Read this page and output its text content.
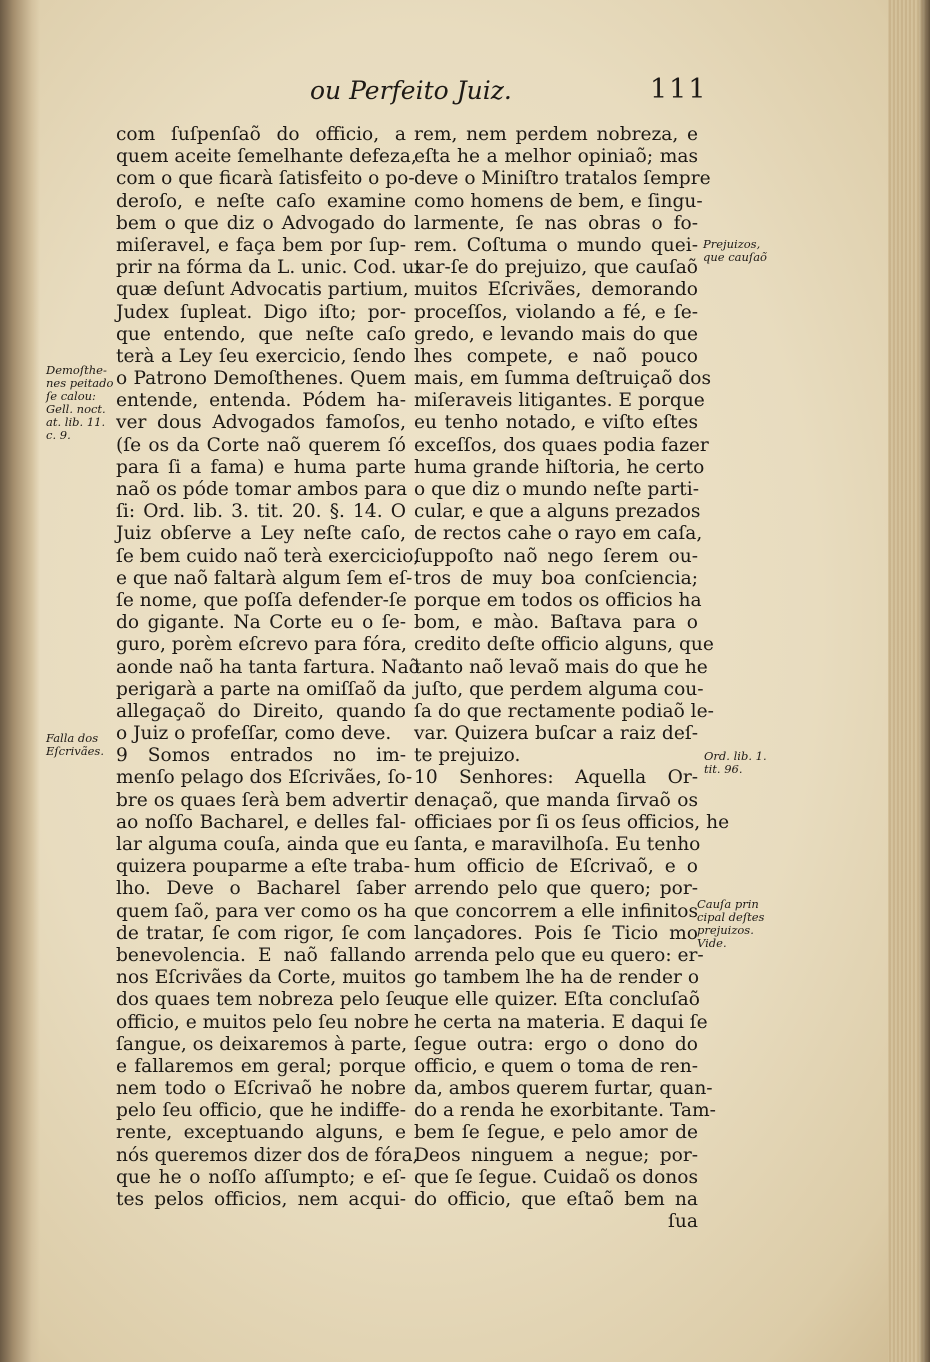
ou Perfeito Juiz.	111
com ſuſpenſaõ do officio, a
quem aceite ſemelhante defeza,
com o que ficarà ſatisfeito o po-
deroſo, e neſte caſo examine
bem o que diz o Advogado do
miſeravel, e faça bem por ſup-
prir na fórma da L. unic. Cod. ut
quæ deſunt Advocatis partium,
Judex ſupleat. Digo iſto; por-
que entendo, que neſte caſo
terà a Ley ſeu exercicio, ſendo
o Patrono Demoſthenes. Quem
entende, entenda. Pódem ha-
ver dous Advogados famoſos,
(ſe os da Corte naõ querem ſó
para ſi a fama) e huma parte
naõ os póde tomar ambos para
ſi: Ord. lib. 3. tit. 20. §. 14. O
Juiz obſerve a Ley neſte caſo,
ſe bem cuido naõ terà exercicio,
e que naõ faltarà algum ſem eſ-
ſe nome, que poſſa defender-ſe
do gigante. Na Corte eu o ſe-
guro, porèm eſcrevo para fóra,
aonde naõ ha tanta fartura. Naõ
perigarà a parte na omiſſaõ da
allegaçaõ do Direito, quando
o Juiz o profeſſar, como deve.
9 Somos entrados no im-
menſo pelago dos Eſcrivães, ſo-
bre os quaes ſerà bem advertir
ao noſſo Bacharel, e delles fal-
lar alguma couſa, ainda que eu
quizera pouparme a eſte traba-
lho. Deve o Bacharel ſaber
quem ſaõ, para ver como os ha
de tratar, ſe com rigor, ſe com
benevolencia. E naõ fallando
nos Eſcrivães da Corte, muitos
dos quaes tem nobreza pelo ſeu
officio, e muitos pelo ſeu nobre
ſangue, os deixaremos à parte,
e fallaremos em geral; porque
nem todo o Eſcrivaõ he nobre
pelo ſeu officio, que he indiffe-
rente, exceptuando alguns, e
nós queremos dizer dos de fóra,
que he o noſſo aſſumpto; e eſ-
tes pelos officios, nem acqui-
rem, nem perdem nobreza, e
eſta he a melhor opiniaõ; mas
deve o Miniſtro tratalos ſempre
como homens de bem, e ſingu-
larmente, ſe nas obras o fo-
rem. Coſtuma o mundo quei-
xar-ſe do prejuizo, que cauſaõ
muitos Eſcrivães, demorando
proceſſos, violando a fé, e ſe-
gredo, e levando mais do que
lhes compete, e naõ pouco
mais, em ſumma deſtruiçaõ dos
miſeraveis litigantes. E porque
eu tenho notado, e viſto eſtes
exceſſos, dos quaes podia fazer
huma grande hiſtoria, he certo
o que diz o mundo neſte parti-
cular, e que a alguns prezados
de rectos cahe o rayo em caſa,
ſuppoſto naõ nego ſerem ou-
tros de muy boa conſciencia;
porque em todos os officios ha
bom, e mào. Baſtava para o
credito deſte officio alguns, que
tanto naõ levaõ mais do que he
juſto, que perdem alguma cou-
ſa do que rectamente podiaõ le-
var. Quizera buſcar a raiz deſ-
te prejuizo.
10 Senhores: Aquella Or-
denaçaõ, que manda ſirvaõ os
officiaes por ſi os ſeus officios, he
ſanta, e maravilhoſa. Eu tenho
hum officio de Eſcrivaõ, e o
arrendo pelo que quero; por-
que concorrem a elle infinitos
lançadores. Pois ſe Ticio mo
arrenda pelo que eu quero: er-
go tambem lhe ha de render o
que elle quizer. Eſta concluſaõ
he certa na materia. E daqui ſe
ſegue outra: ergo o dono do
officio, e quem o toma de ren-
da, ambos querem furtar, quan-
do a renda he exorbitante. Tam-
bem ſe ſegue, e pelo amor de
Deos ninguem a negue; por-
que ſe ſegue. Cuidaõ os donos
do officio, que eſtaõ bem na
ſua
Demoſthe-
nes peitado
ſe calou:
Gell. noct.
at. lib. 11.
c. 9.
Falla dos
Eſcrivães.
Prejuizos,
que cauſaõ
Ord. lib. 1.
tit. 96.
Cauſa prin
cipal deſtes
prejuizos.
Vide.
